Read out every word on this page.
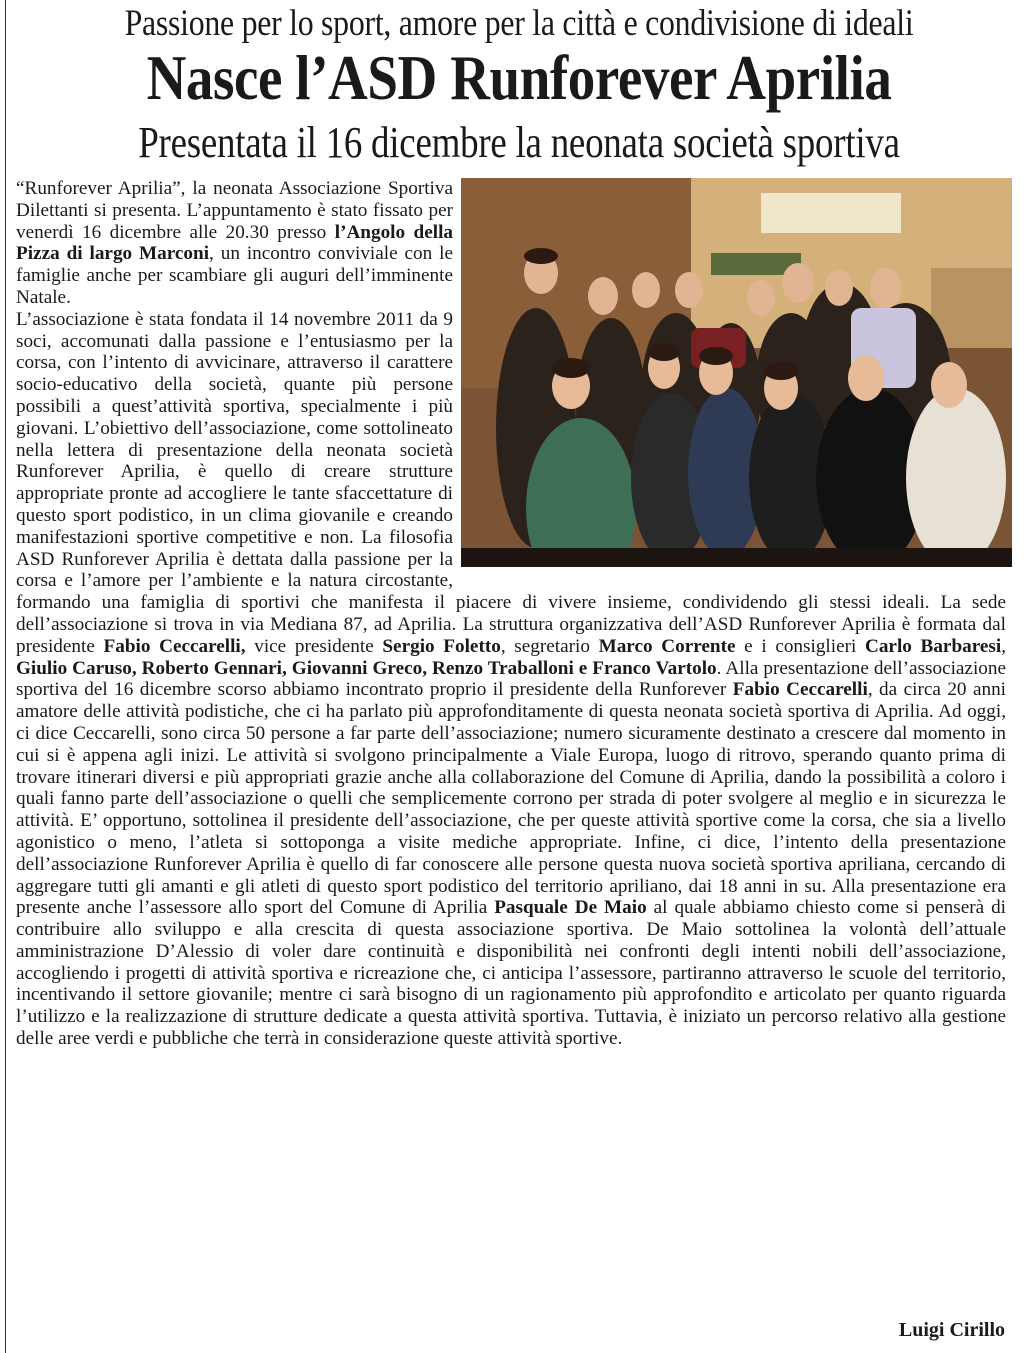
Passione per lo sport, amore per la città e condivisione di ideali
Nasce l’ASD Runforever Aprilia
Presentata il 16 dicembre la neonata società sportiva

“Runforever Aprilia”, la neonata Associazione Sportiva Dilettanti si presenta. L’appuntamento è stato fissato per venerdì 16 dicembre alle 20.30 presso l’Angolo della Pizza di largo Marconi, un incontro conviviale con le famiglie anche per scambiare gli auguri dell’imminente Natale.

L’associazione è stata fondata il 14 novembre 2011 da 9 soci, accomunati dalla passione e l’entusiasmo per la corsa, con l’intento di avvicinare, attraverso il carattere socio-educativo della società, quante più persone possibili a quest’attività sportiva, specialmente i più giovani. L’obiettivo dell’associazione, come sottolineato nella lettera di presentazione della neonata società Runforever Aprilia, è quello di creare strutture appropriate pronte ad accogliere le tante sfaccettature di questo sport podistico, in un clima giovanile e creando manifestazioni sportive competitive e non. La filosofia ASD Runforever Aprilia è dettata dalla passione per la corsa e l’amore per l’ambiente e la natura circostante, formando una famiglia di sportivi che manifesta il piacere di vivere insieme, condividendo gli stessi ideali. La sede dell’associazione si trova in via Mediana 87, ad Aprilia. La struttura organizzativa dell’ASD Runforever Aprilia è formata dal presidente Fabio Ceccarelli, vice presidente Sergio Foletto, segretario Marco Corrente e i consiglieri Carlo Barbaresi, Giulio Caruso, Roberto Gennari, Giovanni Greco, Renzo Traballoni e Franco Vartolo. Alla presentazione dell’associazione sportiva del 16 dicembre scorso abbiamo incontrato proprio il presidente della Runforever Fabio Ceccarelli, da circa 20 anni amatore delle attività podistiche, che ci ha parlato più approfonditamente di questa neonata società sportiva di Aprilia. Ad oggi, ci dice Ceccarelli, sono circa 50 persone a far parte dell’associazione; numero sicuramente destinato a crescere dal momento in cui si è appena agli inizi. Le attività si svolgono principalmente a Viale Europa, luogo di ritrovo, sperando quanto prima di trovare itinerari diversi e più appropriati grazie anche alla collaborazione del Comune di Aprilia, dando la possibilità a coloro i quali fanno parte dell’associazione o quelli che semplicemente corrono per strada di poter svolgere al meglio e in sicurezza le attività. E’ opportuno, sottolinea il presidente dell’associazione, che per queste attività sportive come la corsa, che sia a livello agonistico o meno, l’atleta si sottoponga a visite mediche appropriate. Infine, ci dice, l’intento della presentazione dell’associazione Runforever Aprilia è quello di far conoscere alle persone questa nuova società sportiva apriliana, cercando di aggregare tutti gli amanti e gli atleti di questo sport podistico del territorio apriliano, dai 18 anni in su. Alla presentazione era presente anche l’assessore allo sport del Comune di Aprilia Pasquale De Maio al quale abbiamo chiesto come si penserà di contribuire allo sviluppo e alla crescita di questa associazione sportiva. De Maio sottolinea la volontà dell’attuale amministrazione D’Alessio di voler dare continuità e disponibilità nei confronti degli intenti nobili dell’associazione, accogliendo i progetti di attività sportiva e ricreazione che, ci anticipa l’assessore, partiranno attraverso le scuole del territorio, incentivando il settore giovanile; mentre ci sarà bisogno di un ragionamento più approfondito e articolato per quanto riguarda l’utilizzo e la realizzazione di strutture dedicate a questa attività sportiva. Tuttavia, è iniziato un percorso relativo alla gestione delle aree verdi e pubbliche che terrà in considerazione queste attività sportive.

Luigi Cirillo
